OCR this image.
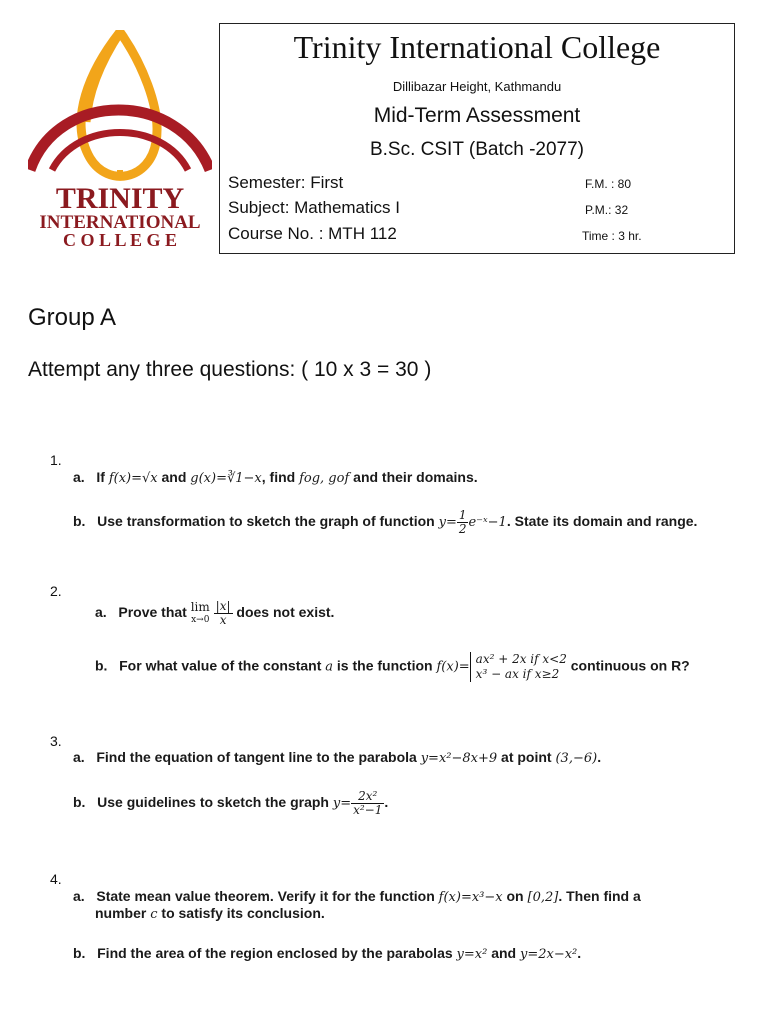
TRINITY
INTERNATIONAL
C O L L E G E
Trinity International College
Dillibazar Height, Kathmandu
Mid-Term Assessment
B.Sc. CSIT (Batch -2077)
Semester: First
Subject: Mathematics I
Course No. : MTH 112
F.M. : 80
P.M.: 32
Time : 3 hr.
Group A
Attempt any three questions: ( 10 x 3 = 30 )
1.
a. If f(x)=√x and g(x)=∛1−x, find fog, gof and their domains.
b. Use transformation to sketch the graph of function $y= \frac{1}{2}$ e⁻ˣ−1. State its domain and range.
2.
a. Prove that lim
x→0
$\frac{|x|}{x}$ does not exist.
b. For what value of the constant a is the function f(x)=
ax² + 2x if x<2
x³ − ax if x≥2
continuous on R?
3.
a. Find the equation of tangent line to the parabola y=x²−8x+9 at point (3,−6).
b. Use guidelines to sketch the graph $y= \frac{\text{2x²}}{\text{x²−1}}$ .
4.
a. State mean value theorem. Verify it for the function f(x)=x³−x on [0,2]. Then find a
number c to satisfy its conclusion.
b. Find the area of the region enclosed by the parabolas y=x² and y=2x−x².
